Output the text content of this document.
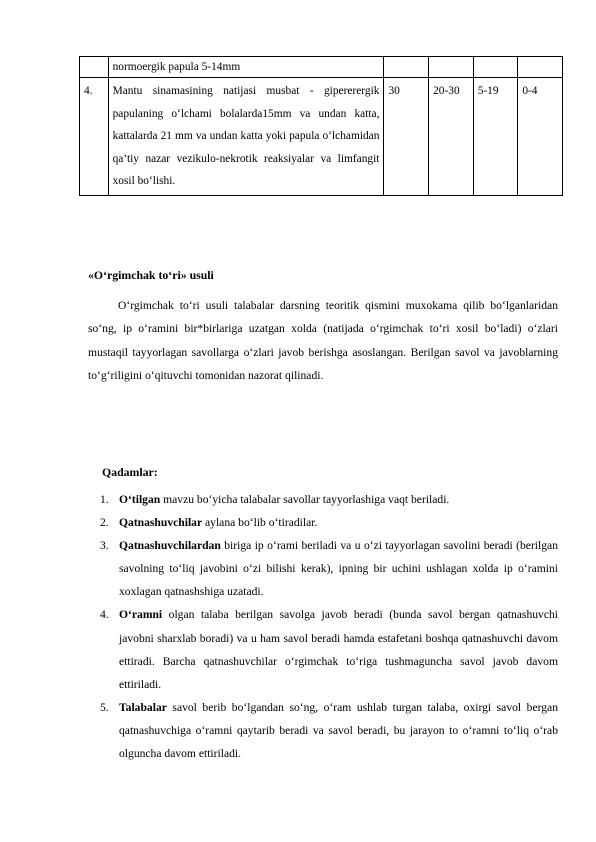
	normoergik papula 5-14mm				
4.	Mantu sinamasining natijasi musbat - gipererergik papulaning o‘lchami bolalarda15mm va undan katta, kattalarda 21 mm va undan katta yoki papula o‘lchamidan qa’tiy nazar vezikulo-nekrotik reaksiyalar va limfangit xosil bo‘lishi.	30	20-30	5-19	0-4
«O‘rgimchak to‘ri» usuli
O‘rgimchak to‘ri usuli talabalar darsning teoritik qismini muxokama qilib bo‘lganlaridan so‘ng, ip o‘ramini bir*birlariga uzatgan xolda (natijada o‘rgimchak to‘ri xosil bo‘ladi) o‘zlari mustaqil tayyorlagan savollarga o‘zlari javob berishga asoslangan. Berilgan savol va javoblarning to‘g‘riligini o‘qituvchi tomonidan nazorat qilinadi.
Qadamlar:
1. O‘tilgan mavzu bo‘yicha talabalar savollar tayyorlashiga vaqt beriladi.
2. Qatnashuvchilar aylana bo‘lib o‘tiradilar.
3. Qatnashuvchilardan biriga ip o‘rami beriladi va u o‘zi tayyorlagan savolini beradi (berilgan savolning to‘liq javobini o‘zi bilishi kerak), ipning bir uchini ushlagan xolda ip o‘ramini xoxlagan qatnashshiga uzatadi.
4. O‘ramni olgan talaba berilgan savolga javob beradi (bunda savol bergan qatnashuvchi javobni sharxlab boradi) va u ham savol beradi hamda estafetani boshqa qatnashuvchi davom ettiradi. Barcha qatnashuvchilar o‘rgimchak to‘riga tushmaguncha savol javob davom ettiriladi.
5. Talabalar savol berib bo‘lgandan so‘ng, o‘ram ushlab turgan talaba, oxirgi savol bergan qatnashuvchiga o‘ramni qaytarib beradi va savol beradi, bu jarayon to o‘ramni to‘liq o‘rab olguncha davom ettiriladi.
